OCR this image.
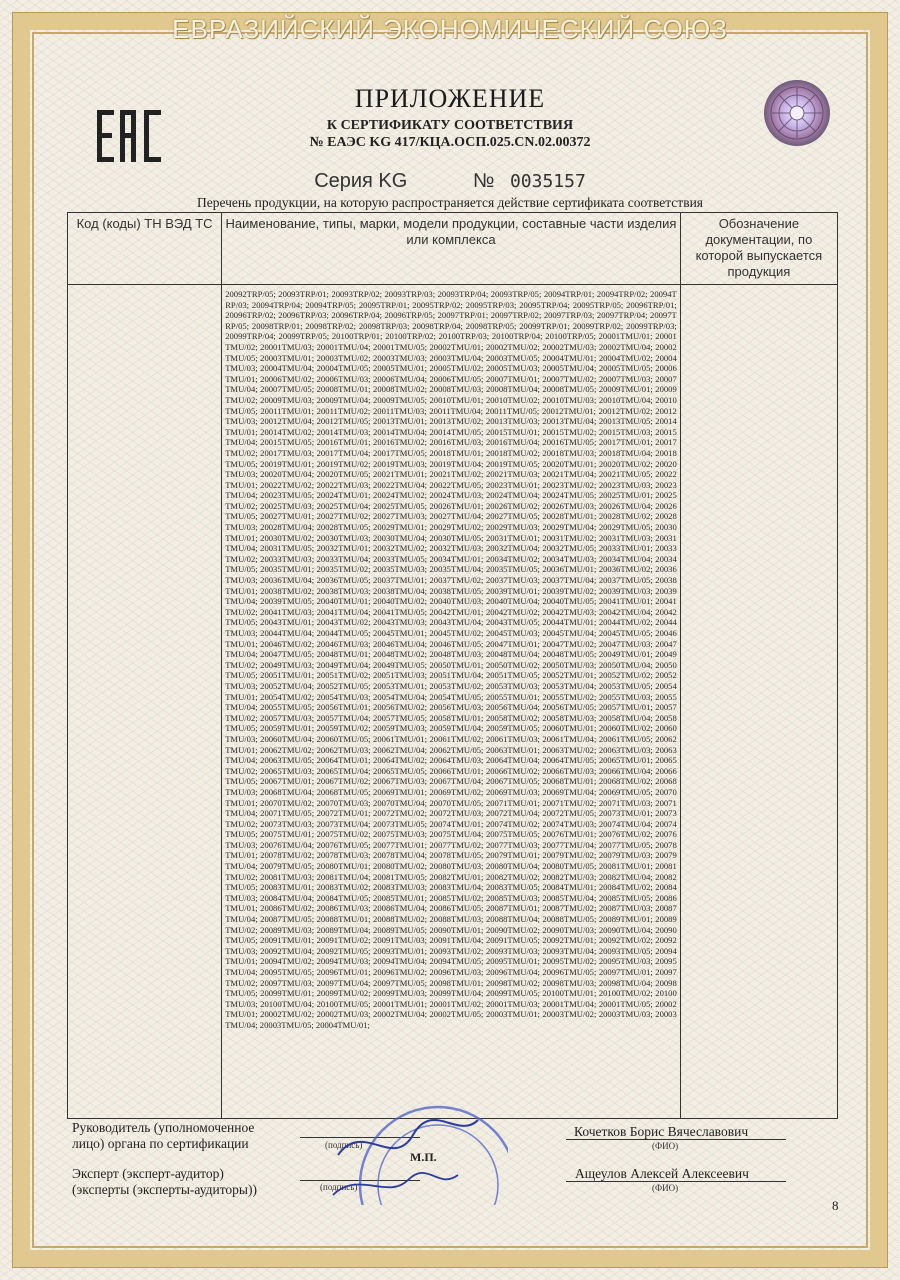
ЕВРАЗИЙСКИЙ ЭКОНОМИЧЕСКИЙ СОЮЗ
ПРИЛОЖЕНИЕ
К СЕРТИФИКАТУ СООТВЕТСТВИЯ
№ ЕАЭС KG 417/КЦА.ОСП.025.CN.02.00372
Серия KG	№ 0035157
Перечень продукции, на которую распространяется действие сертификата соответствия
Код (коды) ТН ВЭД ТС	Наименование, типы, марки, модели продукции, составные части изделия или комплекса	Обозначение документации, по которой выпускается продукция

	20092TRP/05; 20093TRP/01; 20093TRP/02; 20093TRP/03; 20093TRP/04; 20093TRP/05; 20094TRP/01; 20094TRP/02; 20094TRP/03; 20094TRP/04; 20094TRP/05; 20095TRP/01; 20095TRP/02; 20095TRP/03; 20095TRP/04; 20095TRP/05; 20096TRP/01; 20096TRP/02; 20096TRP/03; 20096TRP/04; 20096TRP/05; 20097TRP/01; 20097TRP/02; 20097TRP/03; 20097TRP/04; 20097TRP/05; 20098TRP/01; 20098TRP/02; 20098TRP/03; 20098TRP/04; 20098TRP/05; 20099TRP/01; 20099TRP/02; 20099TRP/03; 20099TRP/04; 20099TRP/05; 20100TRP/01; 20100TRP/02; 20100TRP/03; 20100TRP/04; 20100TRP/05; 20001TMU/01; 20001TMU/02; 20001TMU/03; 20001TMU/04; 20001TMU/05; 20002TMU/01; 20002TMU/02; 20002TMU/03; 20002TMU/04; 20002TMU/05; 20003TMU/01; 20003TMU/02; 20003TMU/03; 20003TMU/04; 20003TMU/05; 20004TMU/01; 20004TMU/02; 20004TMU/03; 20004TMU/04; 20004TMU/05; 20005TMU/01; 20005TMU/02; 20005TMU/03; 20005TMU/04; 20005TMU/05; 20006TMU/01; 20006TMU/02; 20006TMU/03; 20006TMU/04; 20006TMU/05; 20007TMU/01; 20007TMU/02; 20007TMU/03; 20007TMU/04; 20007TMU/05; 20008TMU/01; 20008TMU/02; 20008TMU/03; 20008TMU/04; 20008TMU/05; 20009TMU/01; 20009TMU/02; 20009TMU/03; 20009TMU/04; 20009TMU/05; 20010TMU/01; 20010TMU/02; 20010TMU/03; 20010TMU/04; 20010TMU/05; 20011TMU/01; 20011TMU/02; 20011TMU/03; 20011TMU/04; 20011TMU/05; 20012TMU/01; 20012TMU/02; 20012TMU/03; 20012TMU/04; 20012TMU/05; 20013TMU/01; 20013TMU/02; 20013TMU/03; 20013TMU/04; 20013TMU/05; 20014TMU/01; 20014TMU/02; 20014TMU/03; 20014TMU/04; 20014TMU/05; 20015TMU/01; 20015TMU/02; 20015TMU/03; 20015TMU/04; 20015TMU/05; 20016TMU/01; 20016TMU/02; 20016TMU/03; 20016TMU/04; 20016TMU/05; 20017TMU/01; 20017TMU/02; 20017TMU/03; 20017TMU/04; 20017TMU/05; 20018TMU/01; 20018TMU/02; 20018TMU/03; 20018TMU/04; 20018TMU/05; 20019TMU/01; 20019TMU/02; 20019TMU/03; 20019TMU/04; 20019TMU/05; 20020TMU/01; 20020TMU/02; 20020TMU/03; 20020TMU/04; 20020TMU/05; 20021TMU/01; 20021TMU/02; 20021TMU/03; 20021TMU/04; 20021TMU/05; 20022TMU/01; 20022TMU/02; 20022TMU/03; 20022TMU/04; 20022TMU/05; 20023TMU/01; 20023TMU/02; 20023TMU/03; 20023TMU/04; 20023TMU/05; 20024TMU/01; 20024TMU/02; 20024TMU/03; 20024TMU/04; 20024TMU/05; 20025TMU/01; 20025TMU/02; 20025TMU/03; 20025TMU/04; 20025TMU/05; 20026TMU/01; 20026TMU/02; 20026TMU/03; 20026TMU/04; 20026TMU/05; 20027TMU/01; 20027TMU/02; 20027TMU/03; 20027TMU/04; 20027TMU/05; 20028TMU/01; 20028TMU/02; 20028TMU/03; 20028TMU/04; 20028TMU/05; 20029TMU/01; 20029TMU/02; 20029TMU/03; 20029TMU/04; 20029TMU/05; 20030TMU/01; 20030TMU/02; 20030TMU/03; 20030TMU/04; 20030TMU/05; 20031TMU/01; 20031TMU/02; 20031TMU/03; 20031TMU/04; 20031TMU/05; 20032TMU/01; 20032TMU/02; 20032TMU/03; 20032TMU/04; 20032TMU/05; 20033TMU/01; 20033TMU/02; 20033TMU/03; 20033TMU/04; 20033TMU/05; 20034TMU/01; 20034TMU/02; 20034TMU/03; 20034TMU/04; 20034TMU/05; 20035TMU/01; 20035TMU/02; 20035TMU/03; 20035TMU/04; 20035TMU/05; 20036TMU/01; 20036TMU/02; 20036TMU/03; 20036TMU/04; 20036TMU/05; 20037TMU/01; 20037TMU/02; 20037TMU/03; 20037TMU/04; 20037TMU/05; 20038TMU/01; 20038TMU/02; 20038TMU/03; 20038TMU/04; 20038TMU/05; 20039TMU/01; 20039TMU/02; 20039TMU/03; 20039TMU/04; 20039TMU/05; 20040TMU/01; 20040TMU/02; 20040TMU/03; 20040TMU/04; 20040TMU/05; 20041TMU/01; 20041TMU/02; 20041TMU/03; 20041TMU/04; 20041TMU/05; 20042TMU/01; 20042TMU/02; 20042TMU/03; 20042TMU/04; 20042TMU/05; 20043TMU/01; 20043TMU/02; 20043TMU/03; 20043TMU/04; 20043TMU/05; 20044TMU/01; 20044TMU/02; 20044TMU/03; 20044TMU/04; 20044TMU/05; 20045TMU/01; 20045TMU/02; 20045TMU/03; 20045TMU/04; 20045TMU/05; 20046TMU/01; 20046TMU/02; 20046TMU/03; 20046TMU/04; 20046TMU/05; 20047TMU/01; 20047TMU/02; 20047TMU/03; 20047TMU/04; 20047TMU/05; 20048TMU/01; 20048TMU/02; 20048TMU/03; 20048TMU/04; 20048TMU/05; 20049TMU/01; 20049TMU/02; 20049TMU/03; 20049TMU/04; 20049TMU/05; 20050TMU/01; 20050TMU/02; 20050TMU/03; 20050TMU/04; 20050TMU/05; 20051TMU/01; 20051TMU/02; 20051TMU/03; 20051TMU/04; 20051TMU/05; 20052TMU/01; 20052TMU/02; 20052TMU/03; 20052TMU/04; 20052TMU/05; 20053TMU/01; 20053TMU/02; 20053TMU/03; 20053TMU/04; 20053TMU/05; 20054TMU/01; 20054TMU/02; 20054TMU/03; 20054TMU/04; 20054TMU/05; 20055TMU/01; 20055TMU/02; 20055TMU/03; 20055TMU/04; 20055TMU/05; 20056TMU/01; 20056TMU/02; 20056TMU/03; 20056TMU/04; 20056TMU/05; 20057TMU/01; 20057TMU/02; 20057TMU/03; 20057TMU/04; 20057TMU/05; 20058TMU/01; 20058TMU/02; 20058TMU/03; 20058TMU/04; 20058TMU/05; 20059TMU/01; 20059TMU/02; 20059TMU/03; 20059TMU/04; 20059TMU/05; 20060TMU/01; 20060TMU/02; 20060TMU/03; 20060TMU/04; 20060TMU/05; 20061TMU/01; 20061TMU/02; 20061TMU/03; 20061TMU/04; 20061TMU/05; 20062TMU/01; 20062TMU/02; 20062TMU/03; 20062TMU/04; 20062TMU/05; 20063TMU/01; 20063TMU/02; 20063TMU/03; 20063TMU/04; 20063TMU/05; 20064TMU/01; 20064TMU/02; 20064TMU/03; 20064TMU/04; 20064TMU/05; 20065TMU/01; 20065TMU/02; 20065TMU/03; 20065TMU/04; 20065TMU/05; 20066TMU/01; 20066TMU/02; 20066TMU/03; 20066TMU/04; 20066TMU/05; 20067TMU/01; 20067TMU/02; 20067TMU/03; 20067TMU/04; 20067TMU/05; 20068TMU/01; 20068TMU/02; 20068TMU/03; 20068TMU/04; 20068TMU/05; 20069TMU/01; 20069TMU/02; 20069TMU/03; 20069TMU/04; 20069TMU/05; 20070TMU/01; 20070TMU/02; 20070TMU/03; 20070TMU/04; 20070TMU/05; 20071TMU/01; 20071TMU/02; 20071TMU/03; 20071TMU/04; 20071TMU/05; 20072TMU/01; 20072TMU/02; 20072TMU/03; 20072TMU/04; 20072TMU/05; 20073TMU/01; 20073TMU/02; 20073TMU/03; 20073TMU/04; 20073TMU/05; 20074TMU/01; 20074TMU/02; 20074TMU/03; 20074TMU/04; 20074TMU/05; 20075TMU/01; 20075TMU/02; 20075TMU/03; 20075TMU/04; 20075TMU/05; 20076TMU/01; 20076TMU/02; 20076TMU/03; 20076TMU/04; 20076TMU/05; 20077TMU/01; 20077TMU/02; 20077TMU/03; 20077TMU/04; 20077TMU/05; 20078TMU/01; 20078TMU/02; 20078TMU/03; 20078TMU/04; 20078TMU/05; 20079TMU/01; 20079TMU/02; 20079TMU/03; 20079TMU/04; 20079TMU/05; 20080TMU/01; 20080TMU/02; 20080TMU/03; 20080TMU/04; 20080TMU/05; 20081TMU/01; 20081TMU/02; 20081TMU/03; 20081TMU/04; 20081TMU/05; 20082TMU/01; 20082TMU/02; 20082TMU/03; 20082TMU/04; 20082TMU/05; 20083TMU/01; 20083TMU/02; 20083TMU/03; 20083TMU/04; 20083TMU/05; 20084TMU/01; 20084TMU/02; 20084TMU/03; 20084TMU/04; 20084TMU/05; 20085TMU/01; 20085TMU/02; 20085TMU/03; 20085TMU/04; 20085TMU/05; 20086TMU/01; 20086TMU/02; 20086TMU/03; 20086TMU/04; 20086TMU/05; 20087TMU/01; 20087TMU/02; 20087TMU/03; 20087TMU/04; 20087TMU/05; 20088TMU/01; 20088TMU/02; 20088TMU/03; 20088TMU/04; 20088TMU/05; 20089TMU/01; 20089TMU/02; 20089TMU/03; 20089TMU/04; 20089TMU/05; 20090TMU/01; 20090TMU/02; 20090TMU/03; 20090TMU/04; 20090TMU/05; 20091TMU/01; 20091TMU/02; 20091TMU/03; 20091TMU/04; 20091TMU/05; 20092TMU/01; 20092TMU/02; 20092TMU/03; 20092TMU/04; 20092TMU/05; 20093TMU/01; 20093TMU/02; 20093TMU/03; 20093TMU/04; 20093TMU/05; 20094TMU/01; 20094TMU/02; 20094TMU/03; 20094TMU/04; 20094TMU/05; 20095TMU/01; 20095TMU/02; 20095TMU/03; 20095TMU/04; 20095TMU/05; 20096TMU/01; 20096TMU/02; 20096TMU/03; 20096TMU/04; 20096TMU/05; 20097TMU/01; 20097TMU/02; 20097TMU/03; 20097TMU/04; 20097TMU/05; 20098TMU/01; 20098TMU/02; 20098TMU/03; 20098TMU/04; 20098TMU/05; 20099TMU/01; 20099TMU/02; 20099TMU/03; 20099TMU/04; 20099TMU/05; 20100TMU/01; 20100TMU/02; 20100TMU/03; 20100TMU/04; 20100TMU/05; 20001TMU/01; 20001TMU/02; 20001TMU/03; 20001TMU/04; 20001TMU/05; 20002TMU/01; 20002TMU/02; 20002TMU/03; 20002TMU/04; 20002TMU/05; 20003TMU/01; 20003TMU/02; 20003TMU/03; 20003TMU/04; 20003TMU/05; 20004TMU/01;	

Руководитель (уполномоченное
лицо) органа по сертификации	(подпись)
Кочетков Борис Вячеславович
(ФИО)
М.П.
Эксперт (эксперт-аудитор)
(эксперты (эксперты-аудиторы))	(подпись)
Ащеулов Алексей Алексеевич
(ФИО)
8
